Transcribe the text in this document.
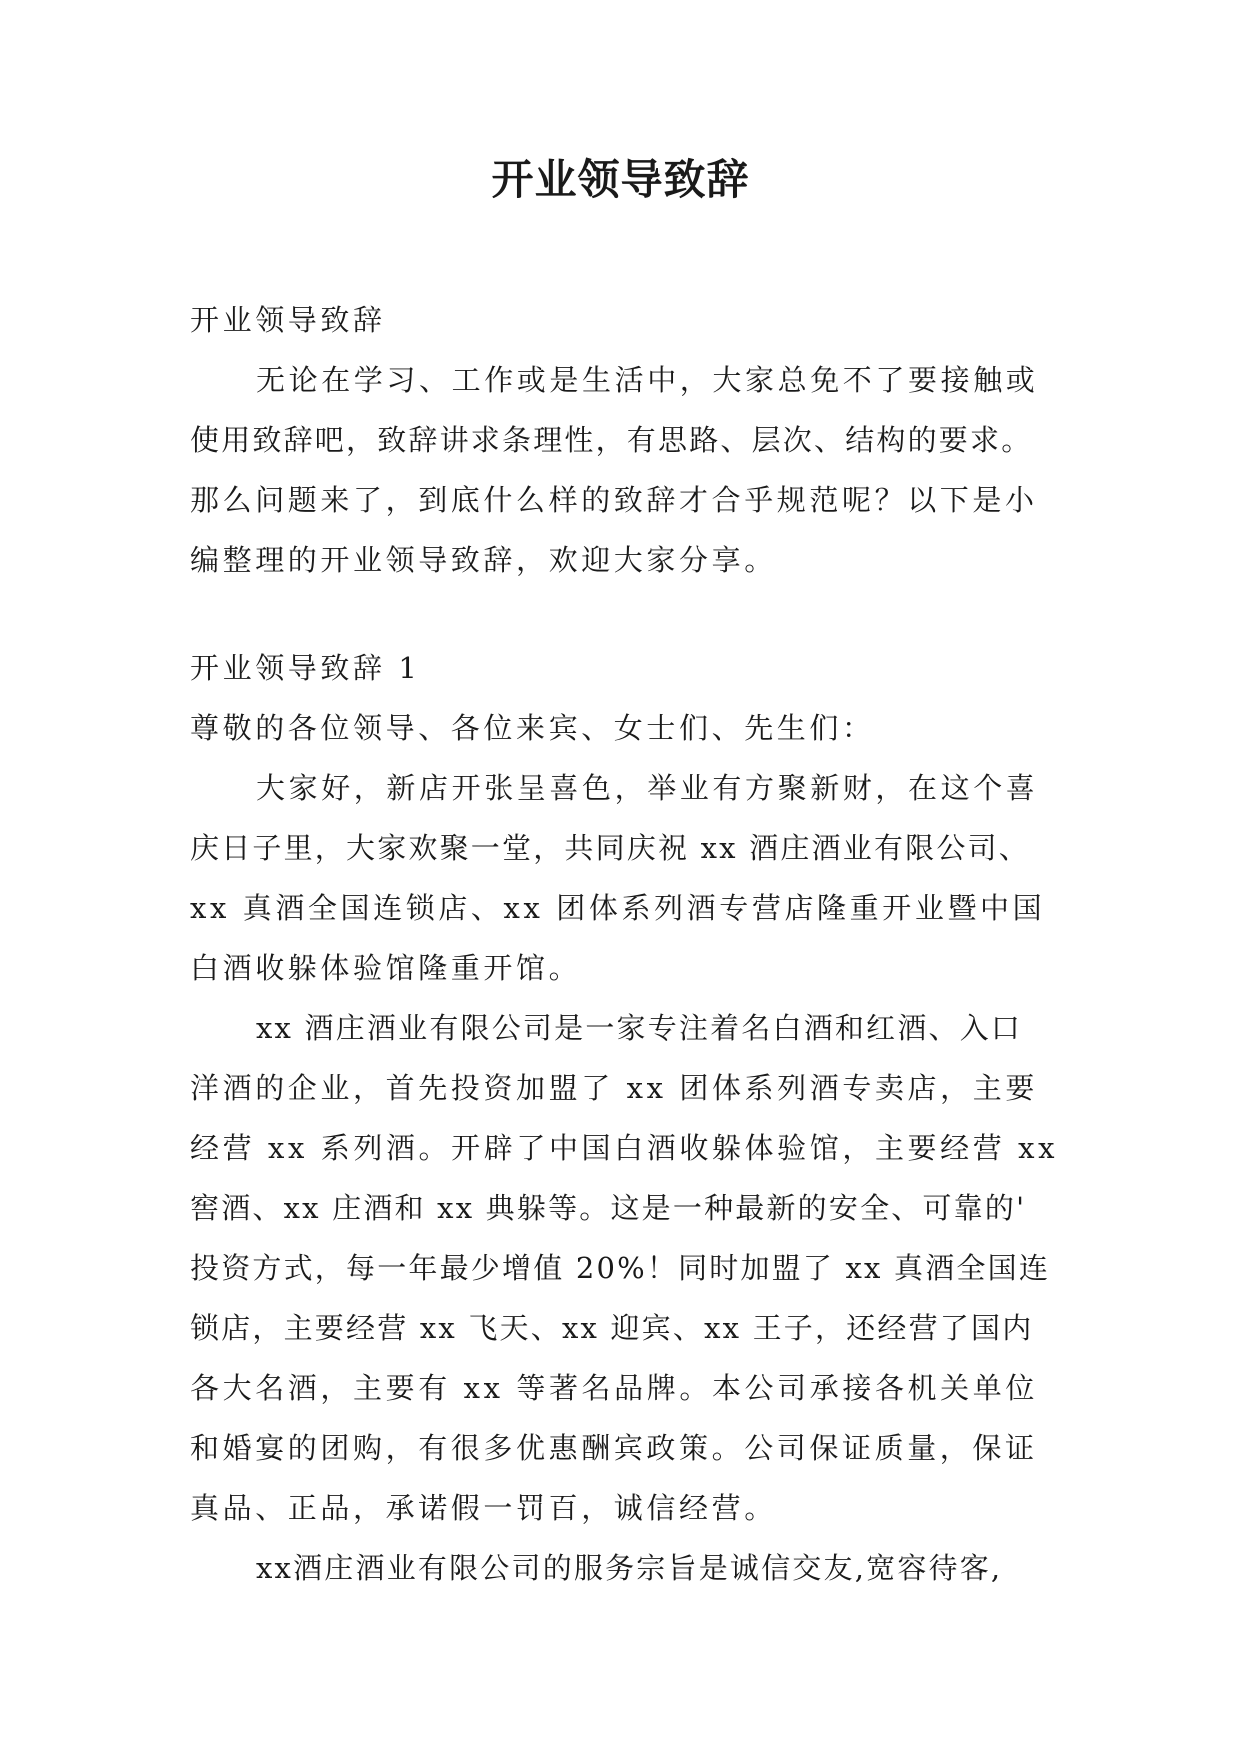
开业领导致辞
开业领导致辞
无论在学习、工作或是生活中，大家总免不了要接触或
使用致辞吧，致辞讲求条理性，有思路、层次、结构的要求。
那么问题来了，到底什么样的致辞才合乎规范呢？以下是小
编整理的开业领导致辞，欢迎大家分享。
开业领导致辞 1
尊敬的各位领导、各位来宾、女士们、先生们：
大家好，新店开张呈喜色，举业有方聚新财，在这个喜
庆日子里，大家欢聚一堂，共同庆祝 xx 酒庄酒业有限公司、
xx 真酒全国连锁店、xx 团体系列酒专营店隆重开业暨中国
白酒收躲体验馆隆重开馆。
xx 酒庄酒业有限公司是一家专注着名白酒和红酒、入口
洋酒的企业，首先投资加盟了 xx 团体系列酒专卖店，主要
经营 xx 系列酒。开辟了中国白酒收躲体验馆，主要经营 xx
窖酒、xx 庄酒和 xx 典躲等。这是一种最新的安全、可靠的'
投资方式，每一年最少增值 20%！同时加盟了 xx 真酒全国连
锁店，主要经营 xx 飞天、xx 迎宾、xx 王子，还经营了国内
各大名酒，主要有 xx 等著名品牌。本公司承接各机关单位
和婚宴的团购，有很多优惠酬宾政策。公司保证质量，保证
真品、正品，承诺假一罚百，诚信经营。
xx酒庄酒业有限公司的服务宗旨是诚信交友,宽容待客,
